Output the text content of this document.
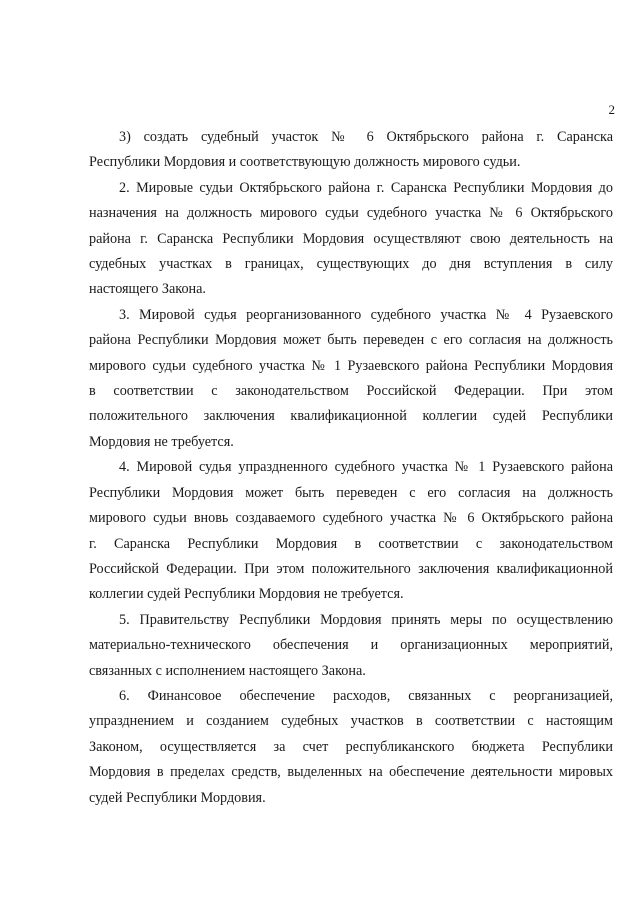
2
3) создать судебный участок № 6 Октябрьского района г. Саранска
Республики Мордовия и соответствующую должность мирового судьи.
2. Мировые судьи Октябрьского района г. Саранска Республики Мордовия до
назначения на должность мирового судьи судебного участка № 6 Октябрьского
района г. Саранска Республики Мордовия осуществляют свою деятельность на
судебных участках в границах, существующих до дня вступления в силу
настоящего Закона.
3. Мировой судья реорганизованного судебного участка № 4 Рузаевского
района Республики Мордовия может быть переведен с его согласия на должность
мирового судьи судебного участка № 1 Рузаевского района Республики Мордовия
в соответствии с законодательством Российской Федерации. При этом
положительного заключения квалификационной коллегии судей Республики
Мордовия не требуется.
4. Мировой судья упраздненного судебного участка № 1 Рузаевского района
Республики Мордовия может быть переведен с его согласия на должность
мирового судьи вновь создаваемого судебного участка № 6 Октябрьского района
г. Саранска Республики Мордовия в соответствии с законодательством
Российской Федерации. При этом положительного заключения квалификационной
коллегии судей Республики Мордовия не требуется.
5. Правительству Республики Мордовия принять меры по осуществлению
материально-технического обеспечения и организационных мероприятий,
связанных с исполнением настоящего Закона.
6. Финансовое обеспечение расходов, связанных с реорганизацией,
упразднением и созданием судебных участков в соответствии с настоящим
Законом, осуществляется за счет республиканского бюджета Республики
Мордовия в пределах средств, выделенных на обеспечение деятельности мировых
судей Республики Мордовия.
